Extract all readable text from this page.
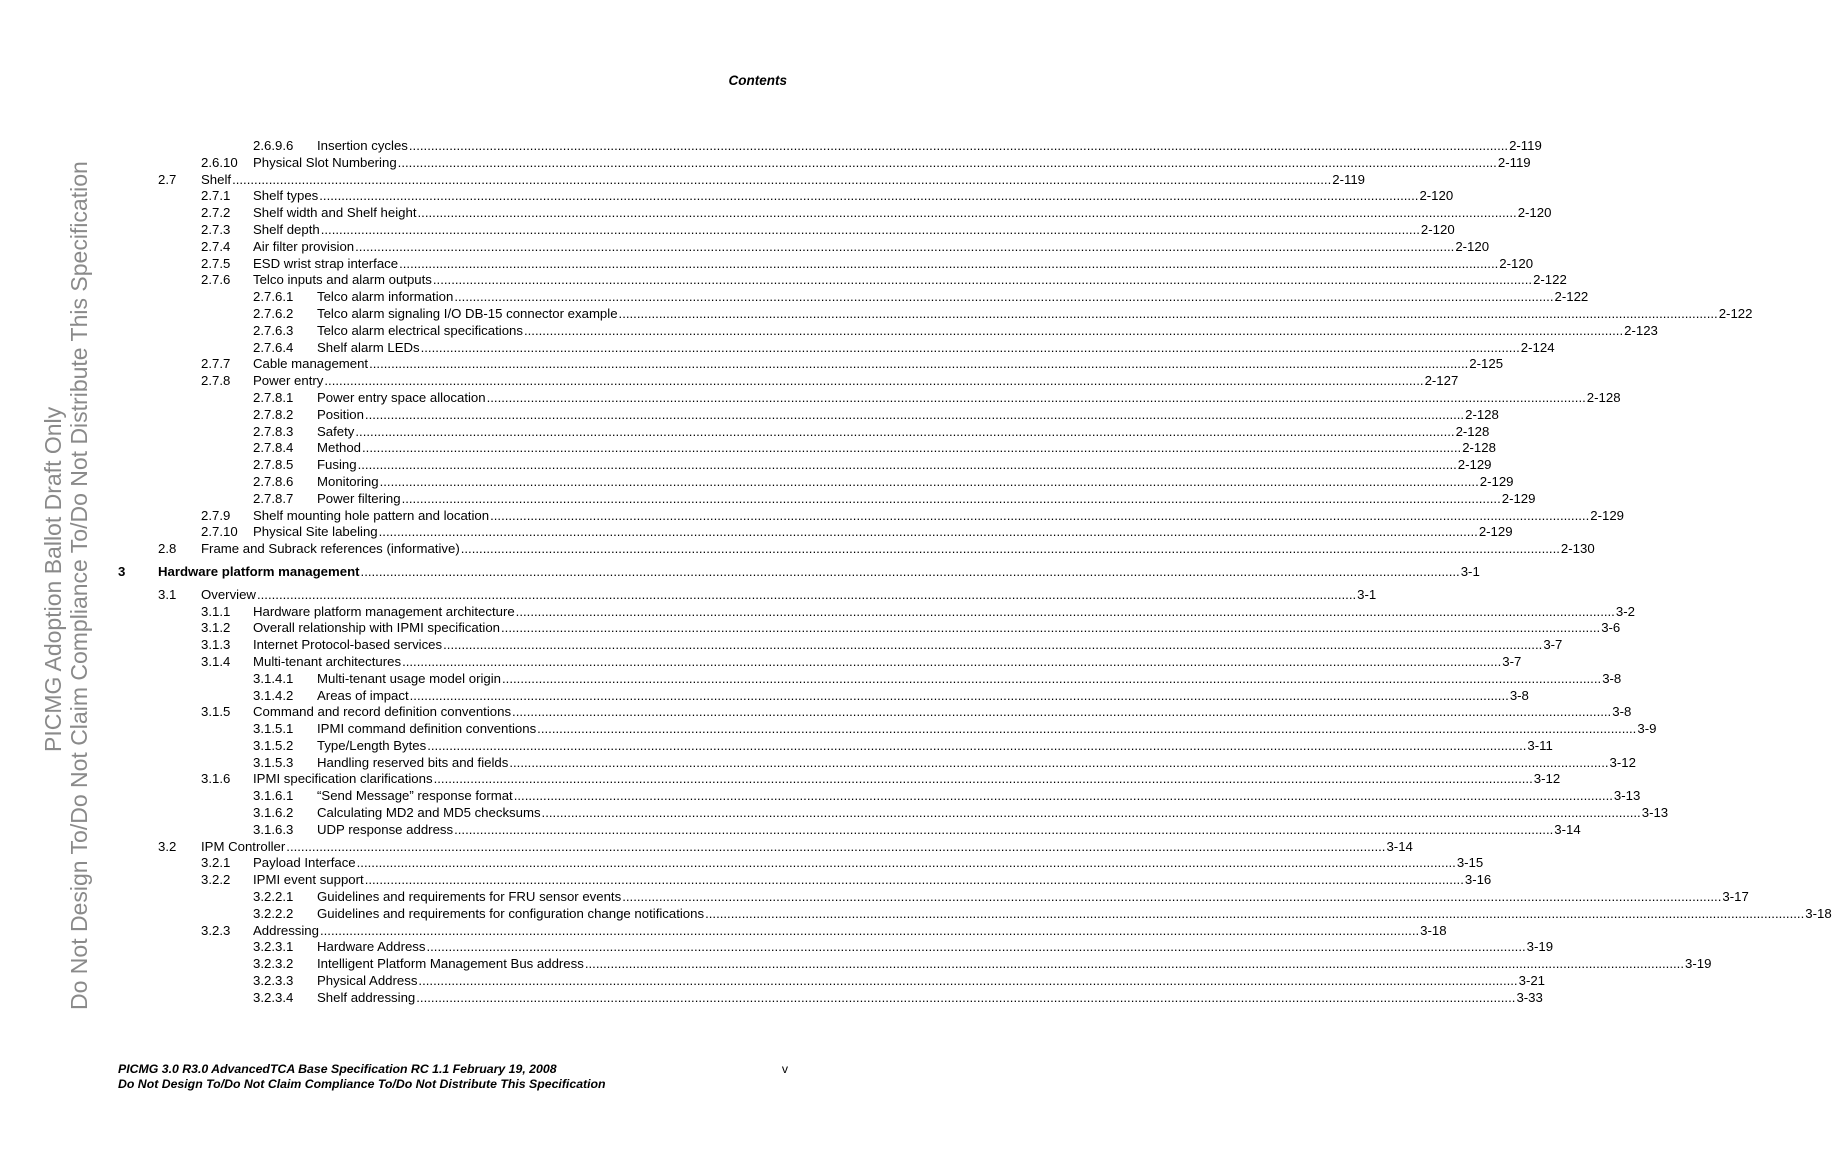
Contents
PICMG Adoption Ballot Draft Only Do Not Design To/Do Not Claim Compliance To/Do Not Distribute This Specification
2.6.9.6 Insertion cycles ............................................................................................................................................................................................................................................................................................................ 2-119
2.6.10 Physical Slot Numbering ............................................................................................................................................................................................................................................................................................................ 2-119
2.7 Shelf ............................................................................................................................................................................................................................................................................................................ 2-119
2.7.1 Shelf types ............................................................................................................................................................................................................................................................................................................ 2-120
2.7.2 Shelf width and Shelf height ............................................................................................................................................................................................................................................................................................................ 2-120
2.7.3 Shelf depth ............................................................................................................................................................................................................................................................................................................ 2-120
2.7.4 Air filter provision ............................................................................................................................................................................................................................................................................................................ 2-120
2.7.5 ESD wrist strap interface ............................................................................................................................................................................................................................................................................................................ 2-120
2.7.6 Telco inputs and alarm outputs ............................................................................................................................................................................................................................................................................................................ 2-122
2.7.6.1 Telco alarm information ............................................................................................................................................................................................................................................................................................................ 2-122
2.7.6.2 Telco alarm signaling I/O DB-15 connector example ............................................................................................................................................................................................................................................................................................................ 2-122
2.7.6.3 Telco alarm electrical specifications ............................................................................................................................................................................................................................................................................................................ 2-123
2.7.6.4 Shelf alarm LEDs ............................................................................................................................................................................................................................................................................................................ 2-124
2.7.7 Cable management ............................................................................................................................................................................................................................................................................................................ 2-125
2.7.8 Power entry ............................................................................................................................................................................................................................................................................................................ 2-127
2.7.8.1 Power entry space allocation ............................................................................................................................................................................................................................................................................................................ 2-128
2.7.8.2 Position ............................................................................................................................................................................................................................................................................................................ 2-128
2.7.8.3 Safety ............................................................................................................................................................................................................................................................................................................ 2-128
2.7.8.4 Method ............................................................................................................................................................................................................................................................................................................ 2-128
2.7.8.5 Fusing ............................................................................................................................................................................................................................................................................................................ 2-129
2.7.8.6 Monitoring ............................................................................................................................................................................................................................................................................................................ 2-129
2.7.8.7 Power filtering ............................................................................................................................................................................................................................................................................................................ 2-129
2.7.9 Shelf mounting hole pattern and location ............................................................................................................................................................................................................................................................................................................ 2-129
2.7.10 Physical Site labeling ............................................................................................................................................................................................................................................................................................................ 2-129
2.8 Frame and Subrack references (informative) ............................................................................................................................................................................................................................................................................................................ 2-130
3 Hardware platform management ............................................................................................................................................................................................................................................................................................................ 3-1
3.1 Overview ............................................................................................................................................................................................................................................................................................................ 3-1
3.1.1 Hardware platform management architecture ............................................................................................................................................................................................................................................................................................................ 3-2
3.1.2 Overall relationship with IPMI specification ............................................................................................................................................................................................................................................................................................................ 3-6
3.1.3 Internet Protocol-based services ............................................................................................................................................................................................................................................................................................................ 3-7
3.1.4 Multi-tenant architectures ............................................................................................................................................................................................................................................................................................................ 3-7
3.1.4.1 Multi-tenant usage model origin ............................................................................................................................................................................................................................................................................................................ 3-8
3.1.4.2 Areas of impact ............................................................................................................................................................................................................................................................................................................ 3-8
3.1.5 Command and record definition conventions ............................................................................................................................................................................................................................................................................................................ 3-8
3.1.5.1 IPMI command definition conventions ............................................................................................................................................................................................................................................................................................................ 3-9
3.1.5.2 Type/Length Bytes ............................................................................................................................................................................................................................................................................................................ 3-11
3.1.5.3 Handling reserved bits and fields ............................................................................................................................................................................................................................................................................................................ 3-12
3.1.6 IPMI specification clarifications ............................................................................................................................................................................................................................................................................................................ 3-12
3.1.6.1 “Send Message” response format ............................................................................................................................................................................................................................................................................................................ 3-13
3.1.6.2 Calculating MD2 and MD5 checksums ............................................................................................................................................................................................................................................................................................................ 3-13
3.1.6.3 UDP response address ............................................................................................................................................................................................................................................................................................................ 3-14
3.2 IPM Controller ............................................................................................................................................................................................................................................................................................................ 3-14
3.2.1 Payload Interface ............................................................................................................................................................................................................................................................................................................ 3-15
3.2.2 IPMI event support ............................................................................................................................................................................................................................................................................................................ 3-16
3.2.2.1 Guidelines and requirements for FRU sensor events ............................................................................................................................................................................................................................................................................................................ 3-17
3.2.2.2 Guidelines and requirements for configuration change notifications ............................................................................................................................................................................................................................................................................................................ 3-18
3.2.3 Addressing ............................................................................................................................................................................................................................................................................................................ 3-18
3.2.3.1 Hardware Address ............................................................................................................................................................................................................................................................................................................ 3-19
3.2.3.2 Intelligent Platform Management Bus address ............................................................................................................................................................................................................................................................................................................ 3-19
3.2.3.3 Physical Address ............................................................................................................................................................................................................................................................................................................ 3-21
3.2.3.4 Shelf addressing ............................................................................................................................................................................................................................................................................................................ 3-33
PICMG 3.0 R3.0 AdvancedTCA Base Specification RC 1.1 February 19, 2008
Do Not Design To/Do Not Claim Compliance To/Do Not Distribute This Specification
v
